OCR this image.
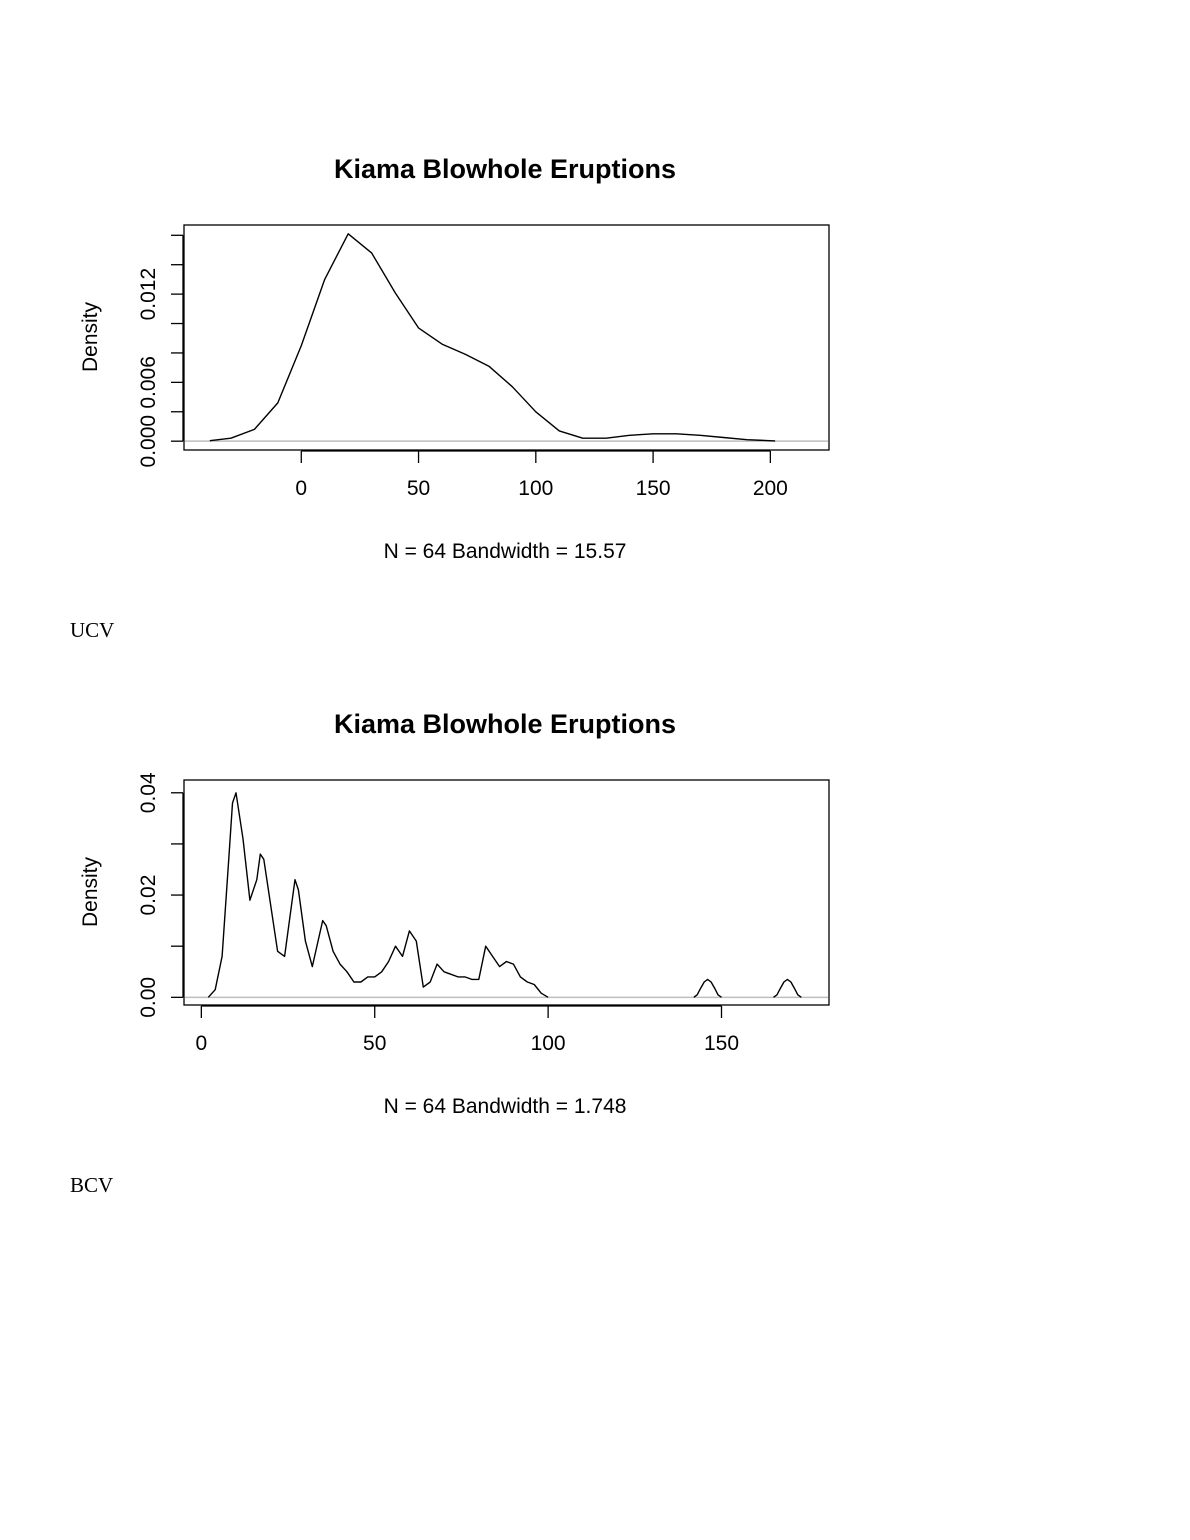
Kiama Blowhole Eruptions
0	50	100	150	200
0.000
0.006
0.012
Density
N = 64 Bandwidth = 15.57
UCV
Kiama Blowhole Eruptions
0	50	100	150
0.00
0.02
0.04
Density
N = 64 Bandwidth = 1.748
BCV
